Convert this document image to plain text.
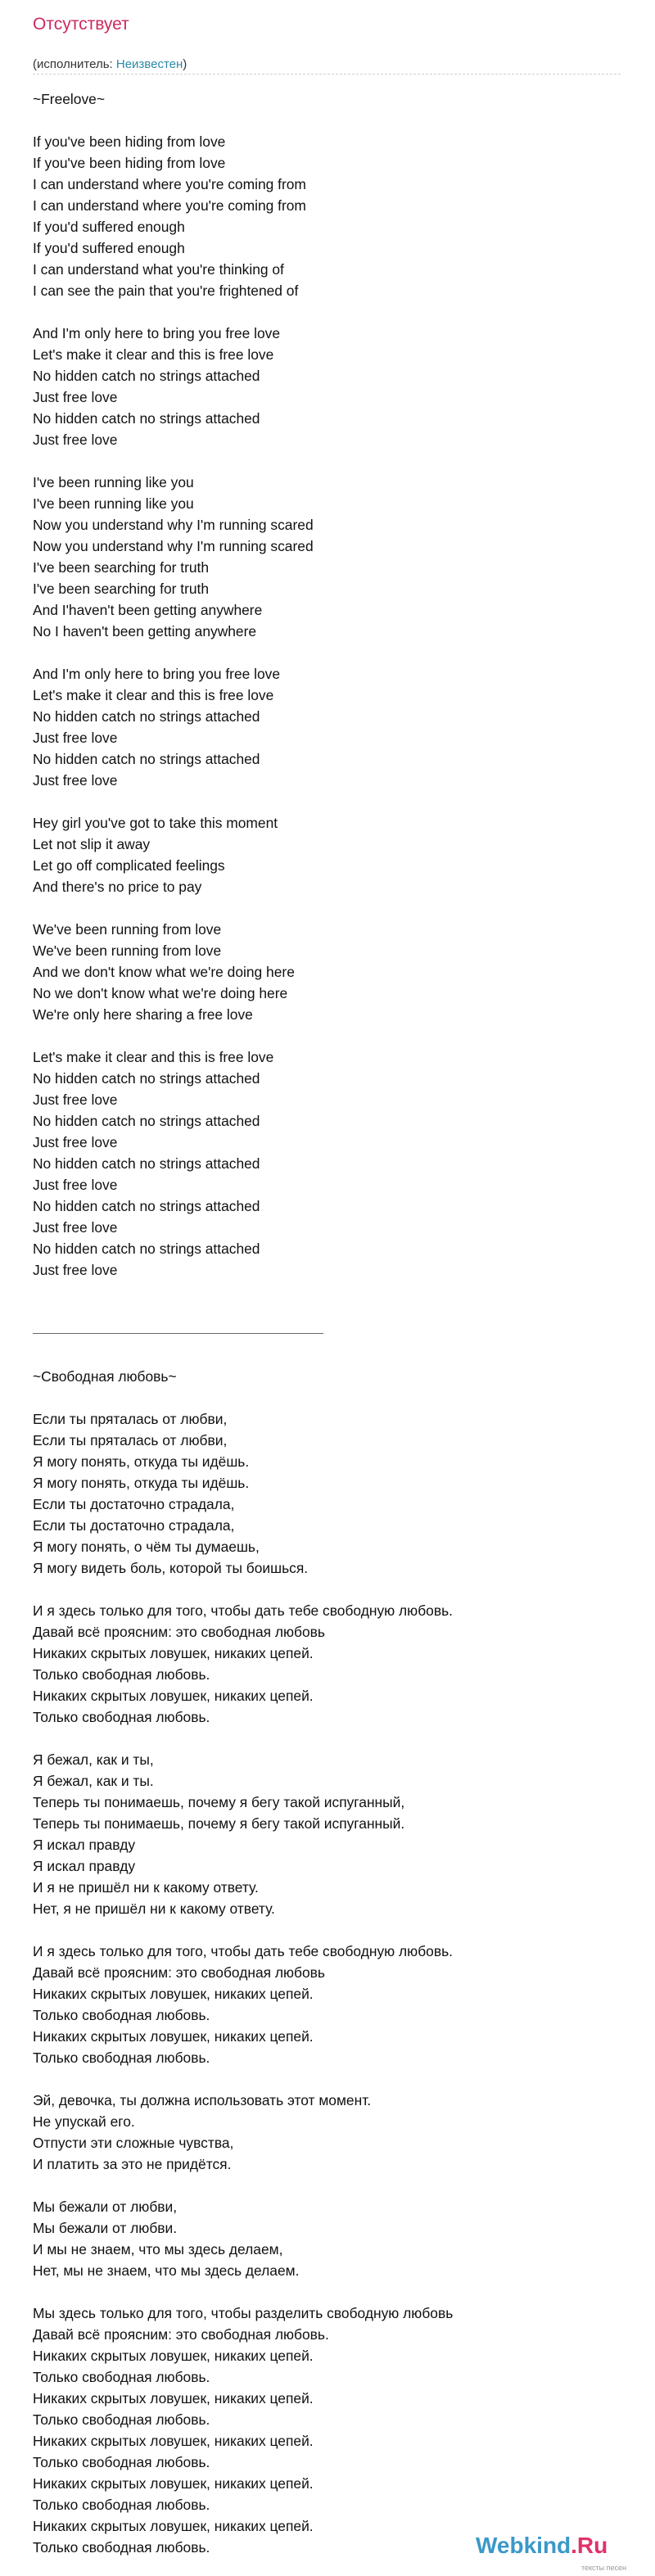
Отсутствует
(исполнитель: Неизвестен)
~Freelove~
If you've been hiding from love
If you've been hiding from love
I can understand where you're coming from
I can understand where you're coming from
If you'd suffered enough
If you'd suffered enough
I can understand what you're thinking of
I can see the pain that you're frightened of
And I'm only here to bring you free love
Let's make it clear and this is free love
No hidden catch no strings attached
Just free love
No hidden catch no strings attached
Just free love
I've been running like you
I've been running like you
Now you understand why I'm running scared
Now you understand why I'm running scared
I've been searching for truth
I've been searching for truth
And I'haven't been getting anywhere
No I haven't been getting anywhere
And I'm only here to bring you free love
Let's make it clear and this is free love
No hidden catch no strings attached
Just free love
No hidden catch no strings attached
Just free love
Hey girl you've got to take this moment
Let not slip it away
Let go off complicated feelings
And there's no price to pay
We've been running from love
We've been running from love
And we don't know what we're doing here
No we don't know what we're doing here
We're only here sharing a free love
Let's make it clear and this is free love
No hidden catch no strings attached
Just free love
No hidden catch no strings attached
Just free love
No hidden catch no strings attached
Just free love
No hidden catch no strings attached
Just free love
No hidden catch no strings attached
Just free love
~Свободная любовь~
Если ты пряталась от любви,
Если ты пряталась от любви,
Я могу понять, откуда ты идёшь.
Я могу понять, откуда ты идёшь.
Если ты достаточно страдала,
Если ты достаточно страдала,
Я могу понять, о чём ты думаешь,
Я могу видеть боль, которой ты боишься.
И я здесь только для того, чтобы дать тебе свободную любовь.
Давай всё проясним: это свободная любовь
Никаких скрытых ловушек, никаких цепей.
Только свободная любовь.
Никаких скрытых ловушек, никаких цепей.
Только свободная любовь.
Я бежал, как и ты,
Я бежал, как и ты.
Теперь ты понимаешь, почему я бегу такой испуганный,
Теперь ты понимаешь, почему я бегу такой испуганный.
Я искал правду
Я искал правду
И я не пришёл ни к какому ответу.
Нет, я не пришёл ни к какому ответу.
И я здесь только для того, чтобы дать тебе свободную любовь.
Давай всё проясним: это свободная любовь
Никаких скрытых ловушек, никаких цепей.
Только свободная любовь.
Никаких скрытых ловушек, никаких цепей.
Только свободная любовь.
Эй, девочка, ты должна использовать этот момент.
Не упускай его.
Отпусти эти сложные чувства,
И платить за это не придётся.
Мы бежали от любви,
Мы бежали от любви.
И мы не знаем, что мы здесь делаем,
Нет, мы не знаем, что мы здесь делаем.
Мы здесь только для того, чтобы разделить свободную любовь
Давай всё проясним: это свободная любовь.
Никаких скрытых ловушек, никаких цепей.
Только свободная любовь.
Никаких скрытых ловушек, никаких цепей.
Только свободная любовь.
Никаких скрытых ловушек, никаких цепей.
Только свободная любовь.
Никаких скрытых ловушек, никаких цепей.
Только свободная любовь.
Никаких скрытых ловушек, никаких цепей.
Только свободная любовь.	Webkind.Ru
тексты песен
